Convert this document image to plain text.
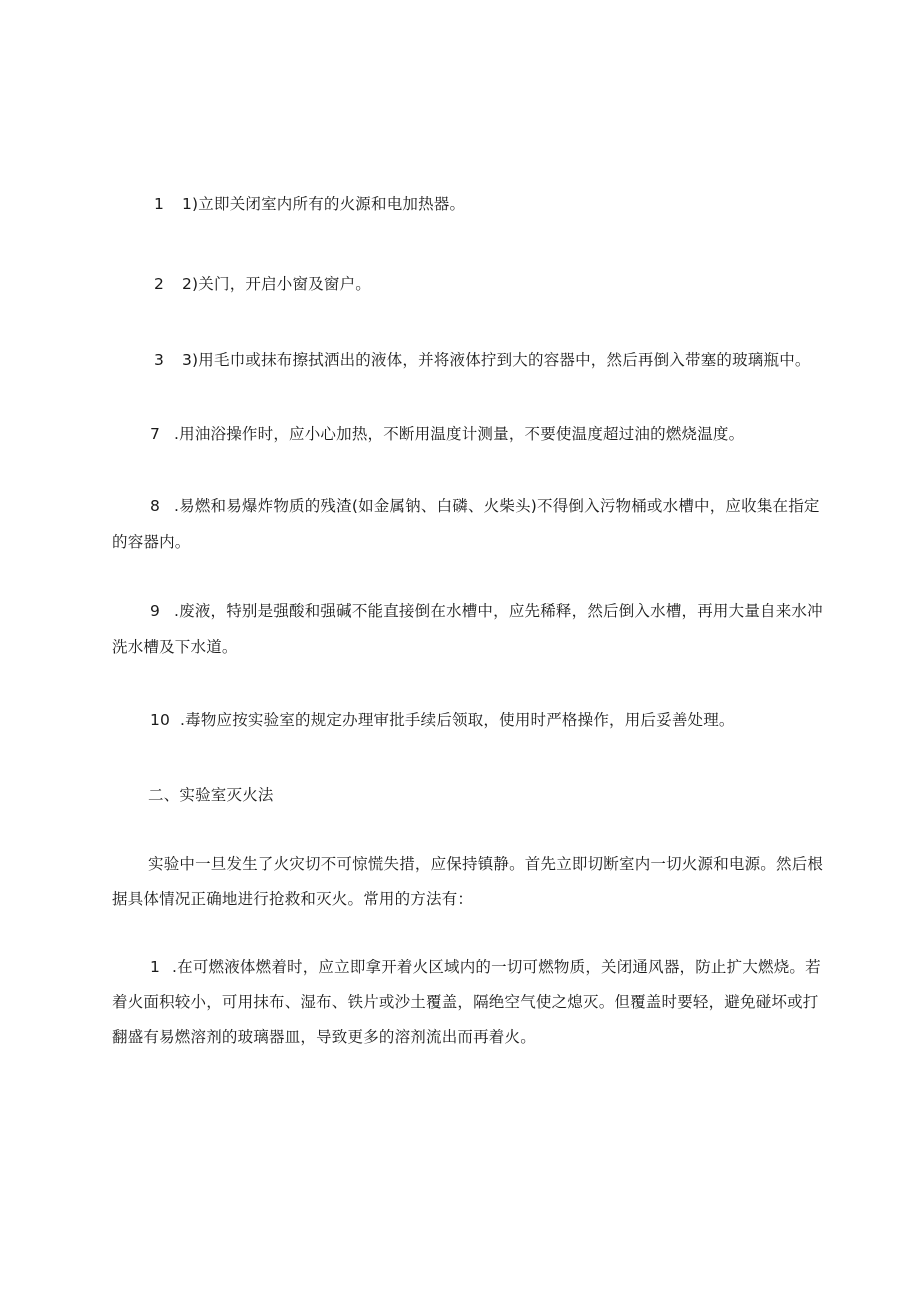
1 1)立即关闭室内所有的火源和电加热器。
2 2)关门，开启小窗及窗户。
3 3)用毛巾或抹布擦拭洒出的液体，并将液体拧到大的容器中，然后再倒入带塞的玻璃瓶中。
7 .用油浴操作时，应小心加热，不断用温度计测量，不要使温度超过油的燃烧温度。
8 .易燃和易爆炸物质的残渣(如金属钠、白磷、火柴头)不得倒入污物桶或水槽中，应收集在指定
的容器内。
9 .废液，特别是强酸和强碱不能直接倒在水槽中，应先稀释，然后倒入水槽，再用大量自来水冲
洗水槽及下水道。
10 .毒物应按实验室的规定办理审批手续后领取，使用时严格操作，用后妥善处理。
二、实验室灭火法
实验中一旦发生了火灾切不可惊慌失措，应保持镇静。首先立即切断室内一切火源和电源。然后根
据具体情况正确地进行抢救和灭火。常用的方法有：
1 .在可燃液体燃着时，应立即拿开着火区域内的一切可燃物质，关闭通风器，防止扩大燃烧。若
着火面积较小，可用抹布、湿布、铁片或沙土覆盖，隔绝空气使之熄灭。但覆盖时要轻，避免碰坏或打
翻盛有易燃溶剂的玻璃器皿，导致更多的溶剂流出而再着火。
